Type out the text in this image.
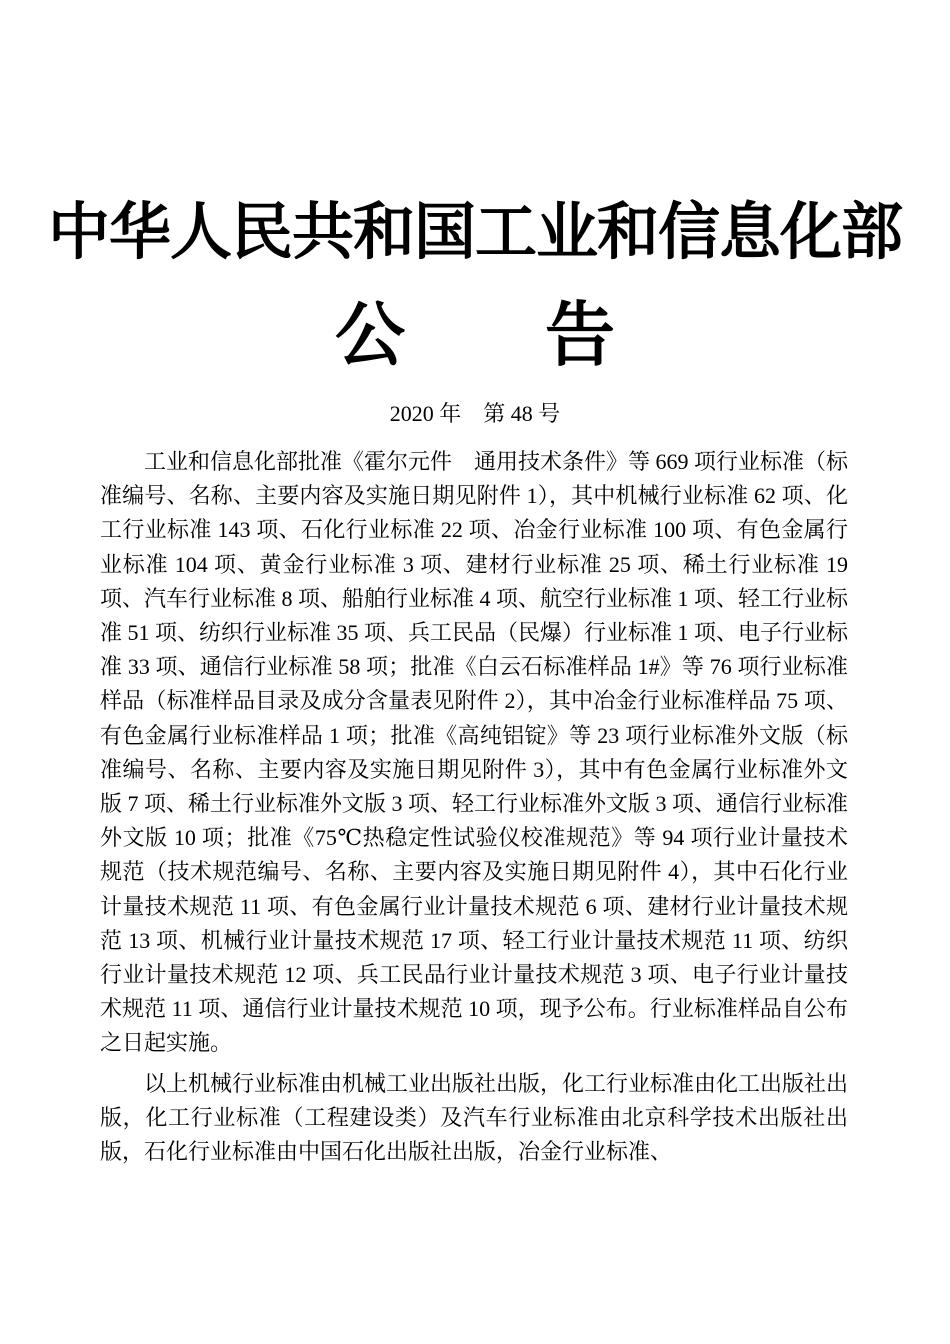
中华人民共和国工业和信息化部
公 告
2020 年　第 48 号

工业和信息化部批准《霍尔元件　通用技术条件》等 669 项行业标准（标准编号、名称、主要内容及实施日期见附件 1），其中机械行业标准 62 项、化工行业标准 143 项、石化行业标准 22 项、冶金行业标准 100 项、有色金属行业标准 104 项、黄金行业标准 3 项、建材行业标准 25 项、稀土行业标准 19 项、汽车行业标准 8 项、船舶行业标准 4 项、航空行业标准 1 项、轻工行业标准 51 项、纺织行业标准 35 项、兵工民品（民爆）行业标准 1 项、电子行业标准 33 项、通信行业标准 58 项；批准《白云石标准样品 1#》等 76 项行业标准样品（标准样品目录及成分含量表见附件 2），其中冶金行业标准样品 75 项、有色金属行业标准样品 1 项；批准《高纯铝锭》等 23 项行业标准外文版（标准编号、名称、主要内容及实施日期见附件 3），其中有色金属行业标准外文版 7 项、稀土行业标准外文版 3 项、轻工行业标准外文版 3 项、通信行业标准外文版 10 项；批准《75℃热稳定性试验仪校准规范》等 94 项行业计量技术规范（技术规范编号、名称、主要内容及实施日期见附件 4），其中石化行业计量技术规范 11 项、有色金属行业计量技术规范 6 项、建材行业计量技术规范 13 项、机械行业计量技术规范 17 项、轻工行业计量技术规范 11 项、纺织行业计量技术规范 12 项、兵工民品行业计量技术规范 3 项、电子行业计量技术规范 11 项、通信行业计量技术规范 10 项，现予公布。行业标准样品自公布之日起实施。

以上机械行业标准由机械工业出版社出版，化工行业标准由化工出版社出版，化工行业标准（工程建设类）及汽车行业标准由北京科学技术出版社出版，石化行业标准由中国石化出版社出版，冶金行业标准、
